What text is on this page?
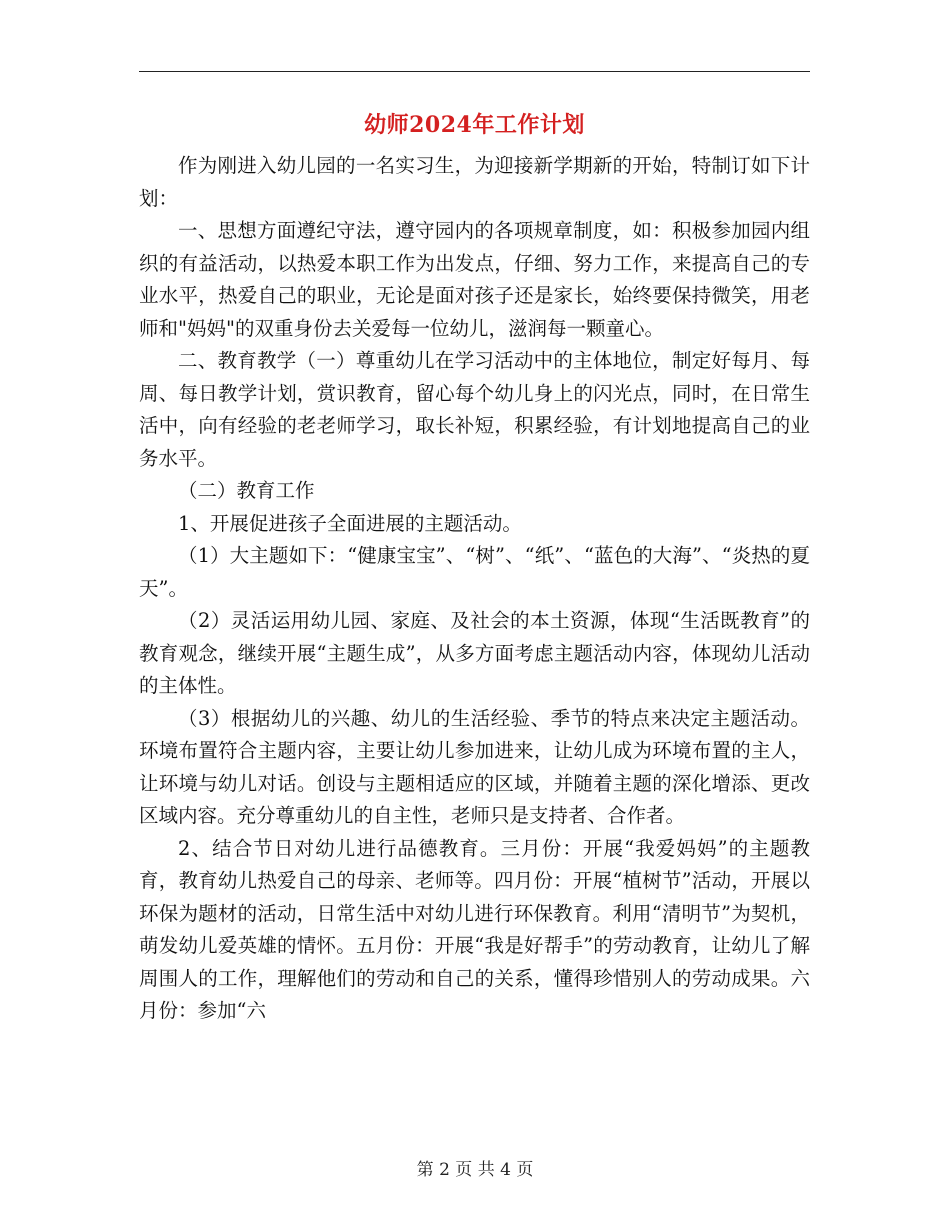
幼师2024年工作计划

作为刚进入幼儿园的一名实习生，为迎接新学期新的开始，特制订如下计划：

一、思想方面遵纪守法，遵守园内的各项规章制度，如：积极参加园内组织的有益活动，以热爱本职工作为出发点，仔细、努力工作，来提高自己的专业水平，热爱自己的职业，无论是面对孩子还是家长，始终要保持微笑，用老师和"妈妈"的双重身份去关爱每一位幼儿，滋润每一颗童心。

二、教育教学（一）尊重幼儿在学习活动中的主体地位，制定好每月、每周、每日教学计划，赏识教育，留心每个幼儿身上的闪光点，同时，在日常生活中，向有经验的老老师学习，取长补短，积累经验，有计划地提高自己的业务水平。

（二）教育工作

1、开展促进孩子全面进展的主题活动。

（1）大主题如下：“健康宝宝”、“树”、“纸”、“蓝色的大海”、“炎热的夏天”。

（2）灵活运用幼儿园、家庭、及社会的本土资源，体现“生活既教育”的教育观念，继续开展“主题生成”，从多方面考虑主题活动内容，体现幼儿活动的主体性。

（3）根据幼儿的兴趣、幼儿的生活经验、季节的特点来决定主题活动。环境布置符合主题内容，主要让幼儿参加进来，让幼儿成为环境布置的主人，让环境与幼儿对话。创设与主题相适应的区域，并随着主题的深化增添、更改区域内容。充分尊重幼儿的自主性，老师只是支持者、合作者。

2、结合节日对幼儿进行品德教育。三月份：开展“我爱妈妈”的主题教育，教育幼儿热爱自己的母亲、老师等。四月份：开展“植树节”活动，开展以环保为题材的活动，日常生活中对幼儿进行环保教育。利用“清明节”为契机，萌发幼儿爱英雄的情怀。五月份：开展“我是好帮手”的劳动教育，让幼儿了解周围人的工作，理解他们的劳动和自己的关系，懂得珍惜别人的劳动成果。六月份：参加“六

第 2 页 共 4 页
